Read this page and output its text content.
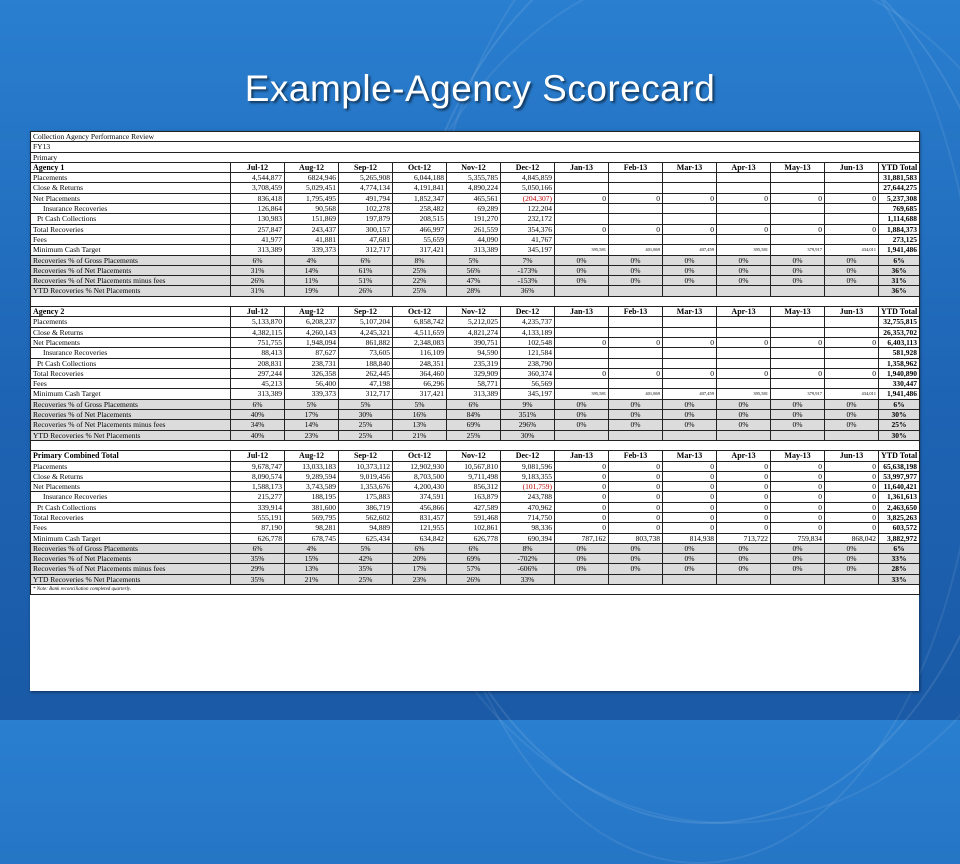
Example-Agency Scorecard
Collection Agency Performance Review													
FY13													
Primary													
Agency 1	Jul-12	Aug-12	Sep-12	Oct-12	Nov-12	Dec-12	Jan-13	Feb-13	Mar-13	Apr-13	May-13	Jun-13	YTD Total
Placements	4,544,877	6824,946	5,265,908	6,044,188	5,355,785	4,845,859							31,881,583
Close & Returns	3,708,459	5,029,451	4,774,134	4,191,841	4,890,224	5,050,166							27,644,275
Net Placements	836,418	1,795,495	491,794	1,852,347	465,561	(204,307)	0	0	0	0	0	0	5,237,308
Insurance Recoveries	126,864	90,568	102,278	258,482	69,289	122,204							769,685
Pt Cash Collections	130,983	151,869	197,879	208,515	191,270	232,172							1,114,688
Total Recoveries	257,847	243,437	300,157	466,997	261,559	354,376	0	0	0	0	0	0	1,884,373
Fees	41,977	41,881	47,681	55,659	44,090	41,767							273,125
Minimum Cash Target	313,389	339,373	312,717	317,421	313,389	345,197	395,581	401,869	407,459	395,581	379,917	434,011	1,941,486
Recoveries % of Gross Placements	6%	4%	6%	8%	5%	7%	0%	0%	0%	0%	0%	0%	6%
Recoveries % of Net Placements	31%	14%	61%	25%	56%	-173%	0%	0%	0%	0%	0%	0%	36%
Recoveries % of Net Placements minus fees	26%	11%	51%	22%	47%	-153%	0%	0%	0%	0%	0%	0%	31%
YTD Recoveries % Net Placements	31%	19%	26%	25%	28%	36%							36%

Agency 2	Jul-12	Aug-12	Sep-12	Oct-12	Nov-12	Dec-12	Jan-13	Feb-13	Mar-13	Apr-13	May-13	Jun-13	YTD Total
Placements	5,133,870	6,208,237	5,107,204	6,858,742	5,212,025	4,235,737							32,755,815
Close & Returns	4,382,115	4,260,143	4,245,321	4,511,659	4,821,274	4,133,189							26,353,702
Net Placements	751,755	1,948,094	861,882	2,348,083	390,751	102,548	0	0	0	0	0	0	6,403,113
Insurance Recoveries	88,413	87,627	73,605	116,109	94,590	121,584							581,928
Pt Cash Collections	208,831	238,731	188,840	248,351	235,319	238,790							1,358,962
Total Recoveries	297,244	326,358	262,445	364,460	329,909	360,374	0	0	0	0	0	0	1,940,890
Fees	45,213	56,400	47,198	66,296	58,771	56,569							330,447
Minimum Cash Target	313,389	339,373	312,717	317,421	313,389	345,197	395,581	401,869	407,459	395,581	379,917	434,011	1,941,486
Recoveries % of Gross Placements	6%	5%	5%	5%	6%	9%	0%	0%	0%	0%	0%	0%	6%
Recoveries % of Net Placements	40%	17%	30%	16%	84%	351%	0%	0%	0%	0%	0%	0%	30%
Recoveries % of Net Placements minus fees	34%	14%	25%	13%	69%	296%	0%	0%	0%	0%	0%	0%	25%
YTD Recoveries % Net Placements	40%	23%	25%	21%	25%	30%							30%

Primary Combined Total	Jul-12	Aug-12	Sep-12	Oct-12	Nov-12	Dec-12	Jan-13	Feb-13	Mar-13	Apr-13	May-13	Jun-13	YTD Total
Placements	9,678,747	13,033,183	10,373,112	12,902,930	10,567,810	9,081,596	0	0	0	0	0	0	65,638,198
Close & Returns	8,090,574	9,289,594	9,019,456	8,703,500	9,711,498	9,183,355	0	0	0	0	0	0	53,997,977
Net Placements	1,588,173	3,743,589	1,353,676	4,200,430	856,312	(101,759)	0	0	0	0	0	0	11,640,421
Insurance Recoveries	215,277	188,195	175,883	374,591	163,879	243,788	0	0	0	0	0	0	1,361,613
Pt Cash Collections	339,914	381,600	386,719	456,866	427,589	470,962	0	0	0	0	0	0	2,463,650
Total Recoveries	555,191	569,795	562,602	831,457	591,468	714,750	0	0	0	0	0	0	3,825,263
Fees	87,190	98,281	94,889	121,955	102,861	98,336	0	0	0	0	0	0	603,572
Minimum Cash Target	626,778	678,745	625,434	634,842	626,778	690,394	787,162	803,738	814,938	713,722	759,834	868,042	3,882,972
Recoveries % of Gross Placements	6%	4%	5%	6%	6%	8%	0%	0%	0%	0%	0%	0%	6%
Recoveries % of Net Placements	35%	15%	42%	20%	69%	-702%	0%	0%	0%	0%	0%	0%	33%
Recoveries % of Net Placements minus fees	29%	13%	35%	17%	57%	-606%	0%	0%	0%	0%	0%	0%	28%
YTD Recoveries % Net Placements	35%	21%	25%	23%	26%	33%							33%
* Note: Bank reconciliation completed quarterly.													
